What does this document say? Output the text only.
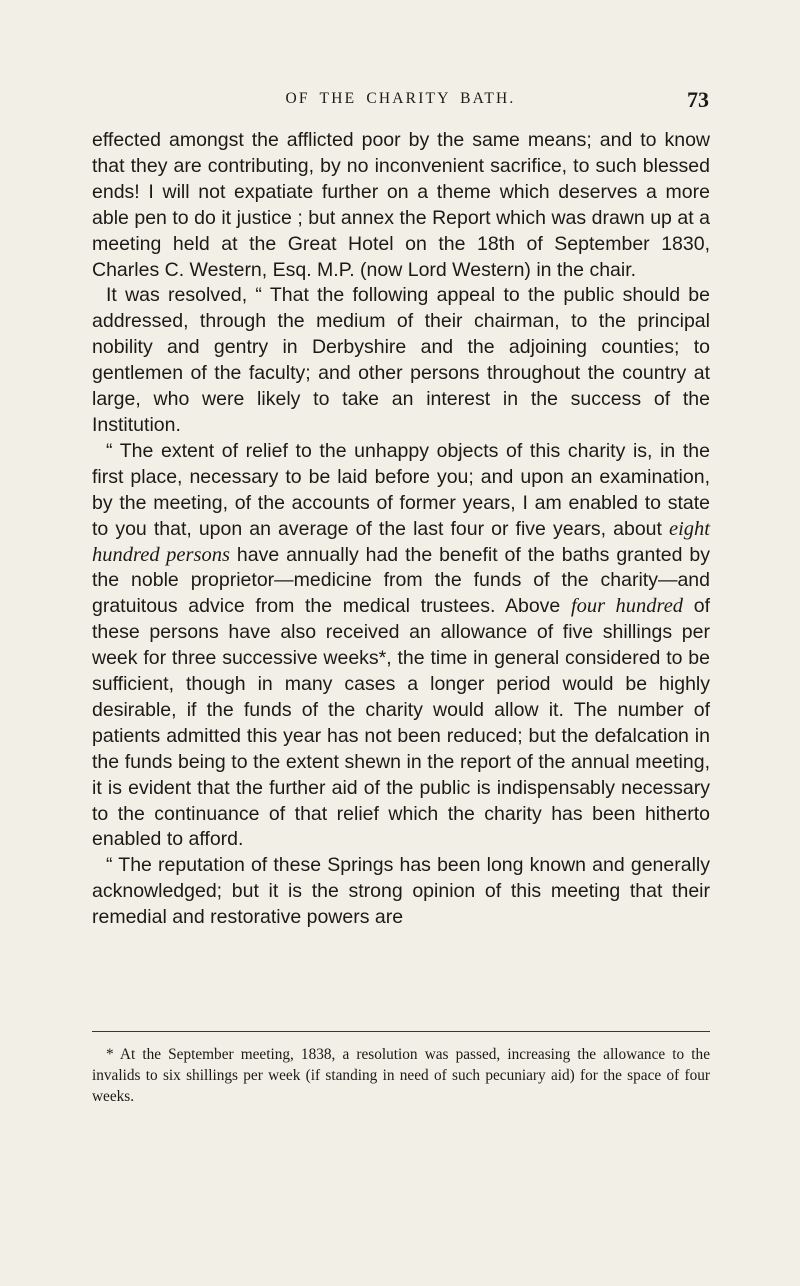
OF THE CHARITY BATH.	73

effected amongst the afflicted poor by the same means; and to know that they are contributing, by no inconvenient sacrifice, to such blessed ends! I will not expatiate further on a theme which deserves a more able pen to do it justice ; but annex the Report which was drawn up at a meeting held at the Great Hotel on the 18th of September 1830, Charles C. Western, Esq. M.P. (now Lord Western) in the chair.

It was resolved, “ That the following appeal to the public should be addressed, through the medium of their chairman, to the principal nobility and gentry in Derbyshire and the adjoining counties; to gentlemen of the faculty; and other persons throughout the country at large, who were likely to take an interest in the success of the Institution.

“ The extent of relief to the unhappy objects of this charity is, in the first place, necessary to be laid before you; and upon an examination, by the meeting, of the accounts of former years, I am enabled to state to you that, upon an average of the last four or five years, about eight hundred persons have annually had the benefit of the baths granted by the noble proprietor—medicine from the funds of the charity—and gratuitous advice from the medical trustees. Above four hundred of these persons have also received an allowance of five shillings per week for three successive weeks*, the time in general considered to be sufficient, though in many cases a longer period would be highly desirable, if the funds of the charity would allow it. The number of patients admitted this year has not been reduced; but the defalcation in the funds being to the extent shewn in the report of the annual meeting, it is evident that the further aid of the public is indispensably necessary to the continuance of that relief which the charity has been hitherto enabled to afford.

“ The reputation of these Springs has been long known and generally acknowledged; but it is the strong opinion of this meeting that their remedial and restorative powers are

* At the September meeting, 1838, a resolution was passed, increasing the allowance to the invalids to six shillings per week (if standing in need of such pecuniary aid) for the space of four weeks.
